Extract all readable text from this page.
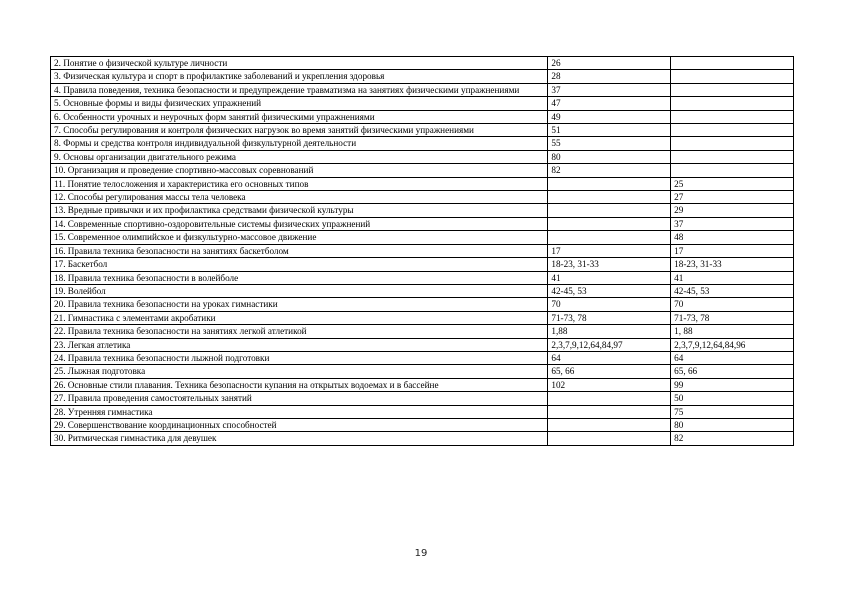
2. Понятие о физической культуре личности	26	
3. Физическая культура и спорт в профилактике заболеваний и укрепления здоровья	28	
4. Правила поведения, техника безопасности и предупреждение травматизма на занятиях физическими упражнениями	37	
5. Основные формы и виды физических упражнений	47	
6. Особенности урочных и неурочных форм занятий физическими упражнениями	49	
7. Способы регулирования и контроля физических нагрузок во время занятий физическими упражнениями	51	
8. Формы и средства контроля индивидуальной физкультурной деятельности	55	
9. Основы организации двигательного режима	80	
10. Организация и проведение спортивно-массовых соревнований	82	
11. Понятие телосложения и характеристика его основных типов		25
12. Способы регулирования массы тела человека		27
13. Вредные привычки и их профилактика средствами физической культуры		29
14. Современные спортивно-оздоровительные системы физических упражнений		37
15. Современное олимпийское и физкультурно-массовое движение		48
16. Правила техника безопасности на занятиях баскетболом	17	17
17. Баскетбол	18-23, 31-33	18-23, 31-33
18. Правила техника безопасности в волейболе	41	41
19. Волейбол	42-45, 53	42-45, 53
20. Правила техника безопасности на уроках гимнастики	70	70
21. Гимнастика с элементами акробатики	71-73, 78	71-73, 78
22. Правила техника безопасности на занятиях легкой атлетикой	1,88	1, 88
23. Легкая атлетика	2,3,7,9,12,64,84,97	2,3,7,9,12,64,84,96
24. Правила техника безопасности лыжной подготовки	64	64
25. Лыжная подготовка	65, 66	65, 66
26. Основные стили плавания. Техника безопасности купания на открытых водоемах и в бассейне	102	99
27. Правила проведения самостоятельных занятий		50
28. Утренняя гимнастика		75
29. Совершенствование координационных способностей		80
30. Ритмическая гимнастика для девушек		82
19
